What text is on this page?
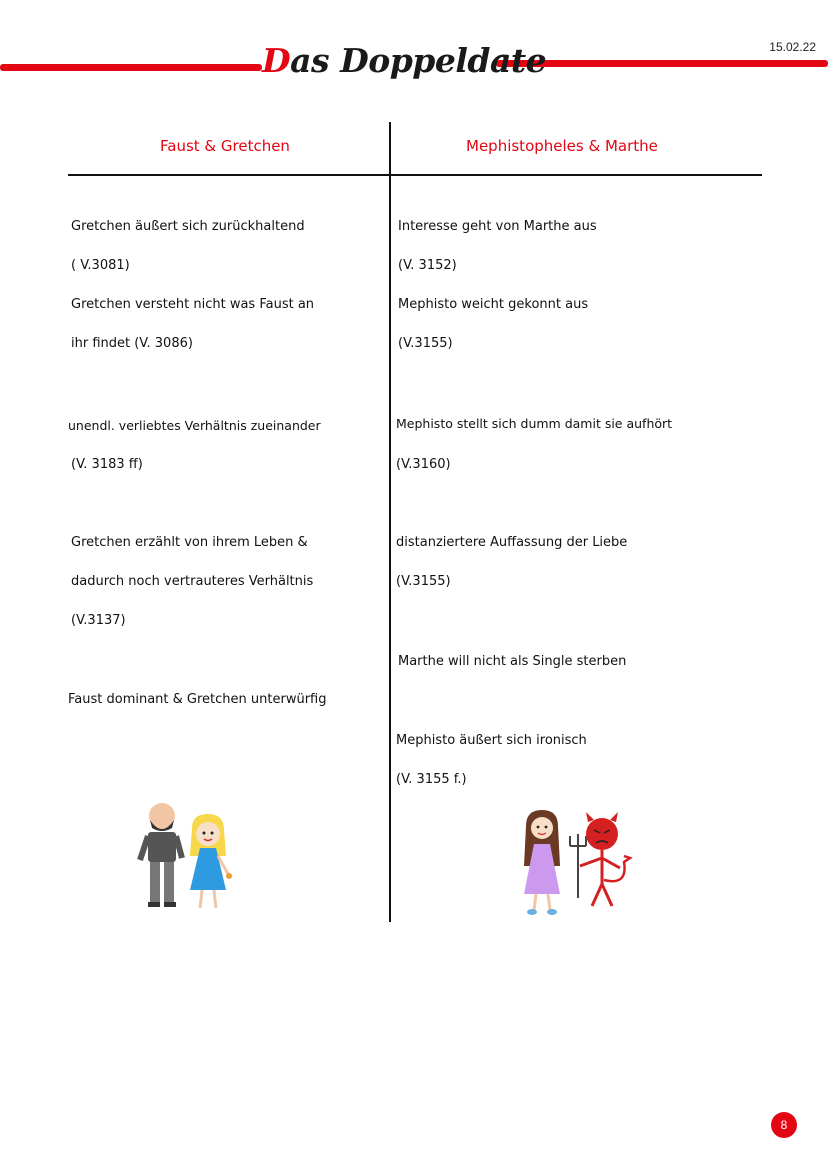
Das Doppeldate	15.02.22
Faust & Gretchen	Mephistopheles & Marthe
Gretchen äußert sich zurückhaltend
( V.3081)
Gretchen versteht nicht was Faust an
ihr findet (V. 3086)
unendl. verliebtes Verhältnis zueinander
(V. 3183 ff)
Gretchen erzählt von ihrem Leben &
dadurch noch vertrauteres Verhältnis
(V.3137)
Faust dominant & Gretchen unterwürfig
Interesse geht von Marthe aus
(V. 3152)
Mephisto weicht gekonnt aus
(V.3155)
Mephisto stellt sich dumm damit sie aufhört
(V.3160)
distanziertere Auffassung der Liebe
(V.3155)
Marthe will nicht als Single sterben
Mephisto äußert sich ironisch
(V. 3155 f.)
8
